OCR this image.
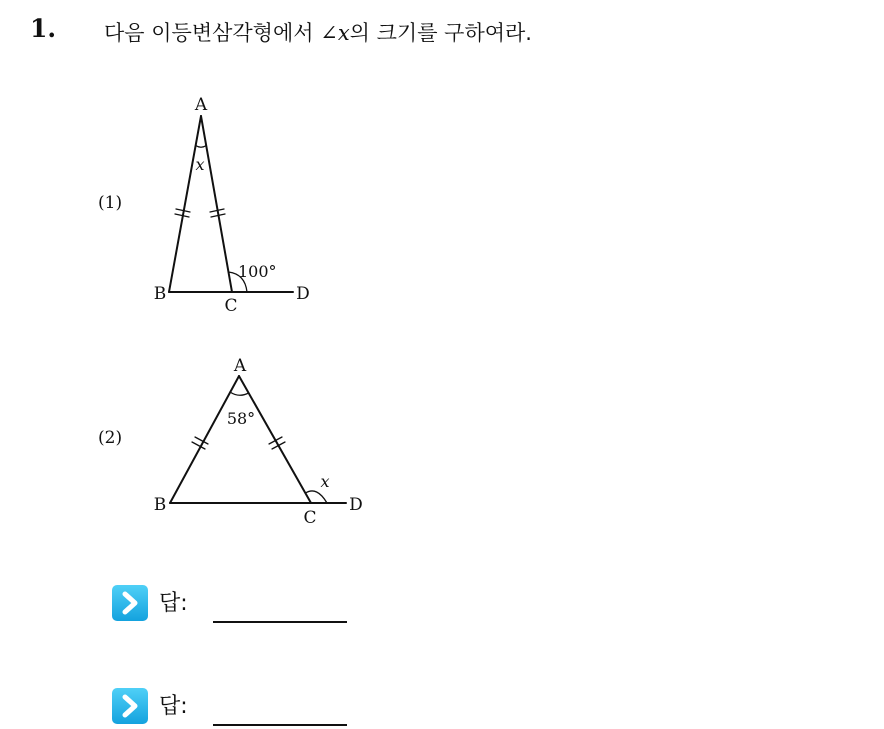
1. 다음 이등변삼각형에서 ∠x의 크기를 구하여라.
(1)
(2)
A
B
C
D
x
100°
A
B
C
D
58°
x
답:
답:
